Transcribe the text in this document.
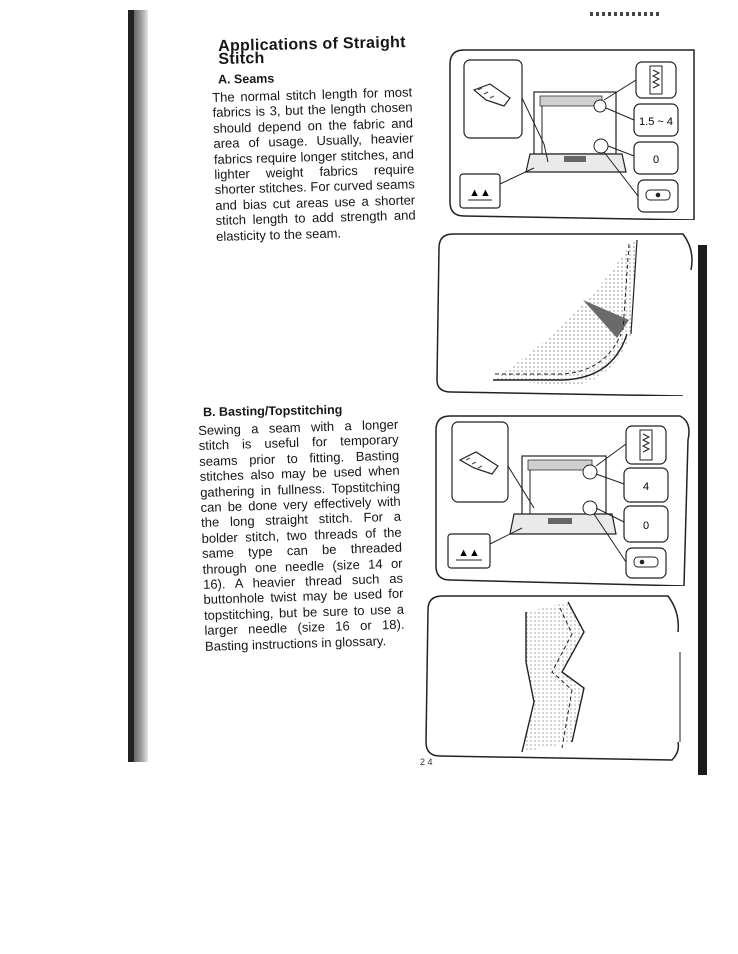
Applications of Straight Stitch
A. Seams

The normal stitch length for most fabrics is 3, but the length chosen should depend on the fabric and area of usage. Usually, heavier fabrics require longer stitches, and lighter weight fabrics require shorter stitches. For curved seams and bias cut areas use a shorter stitch length to add strength and elasticity to the seam.

B. Basting/Topstitching

Sewing a seam with a longer stitch is useful for temporary seams prior to fitting. Basting stitches also may be used when gathering in fullness. Topstitching can be done very effectively with the long straight stitch. For a bolder stitch, two threads of the same type can be threaded through one needle (size 14 or 16). A heavier thread such as buttonhole twist may be used for topstitching, but be sure to use a larger needle (size 16 or 18). Basting instructions in glossary.

1.5 ~ 4
0
▲▲
4
0
▲▲
2 4
